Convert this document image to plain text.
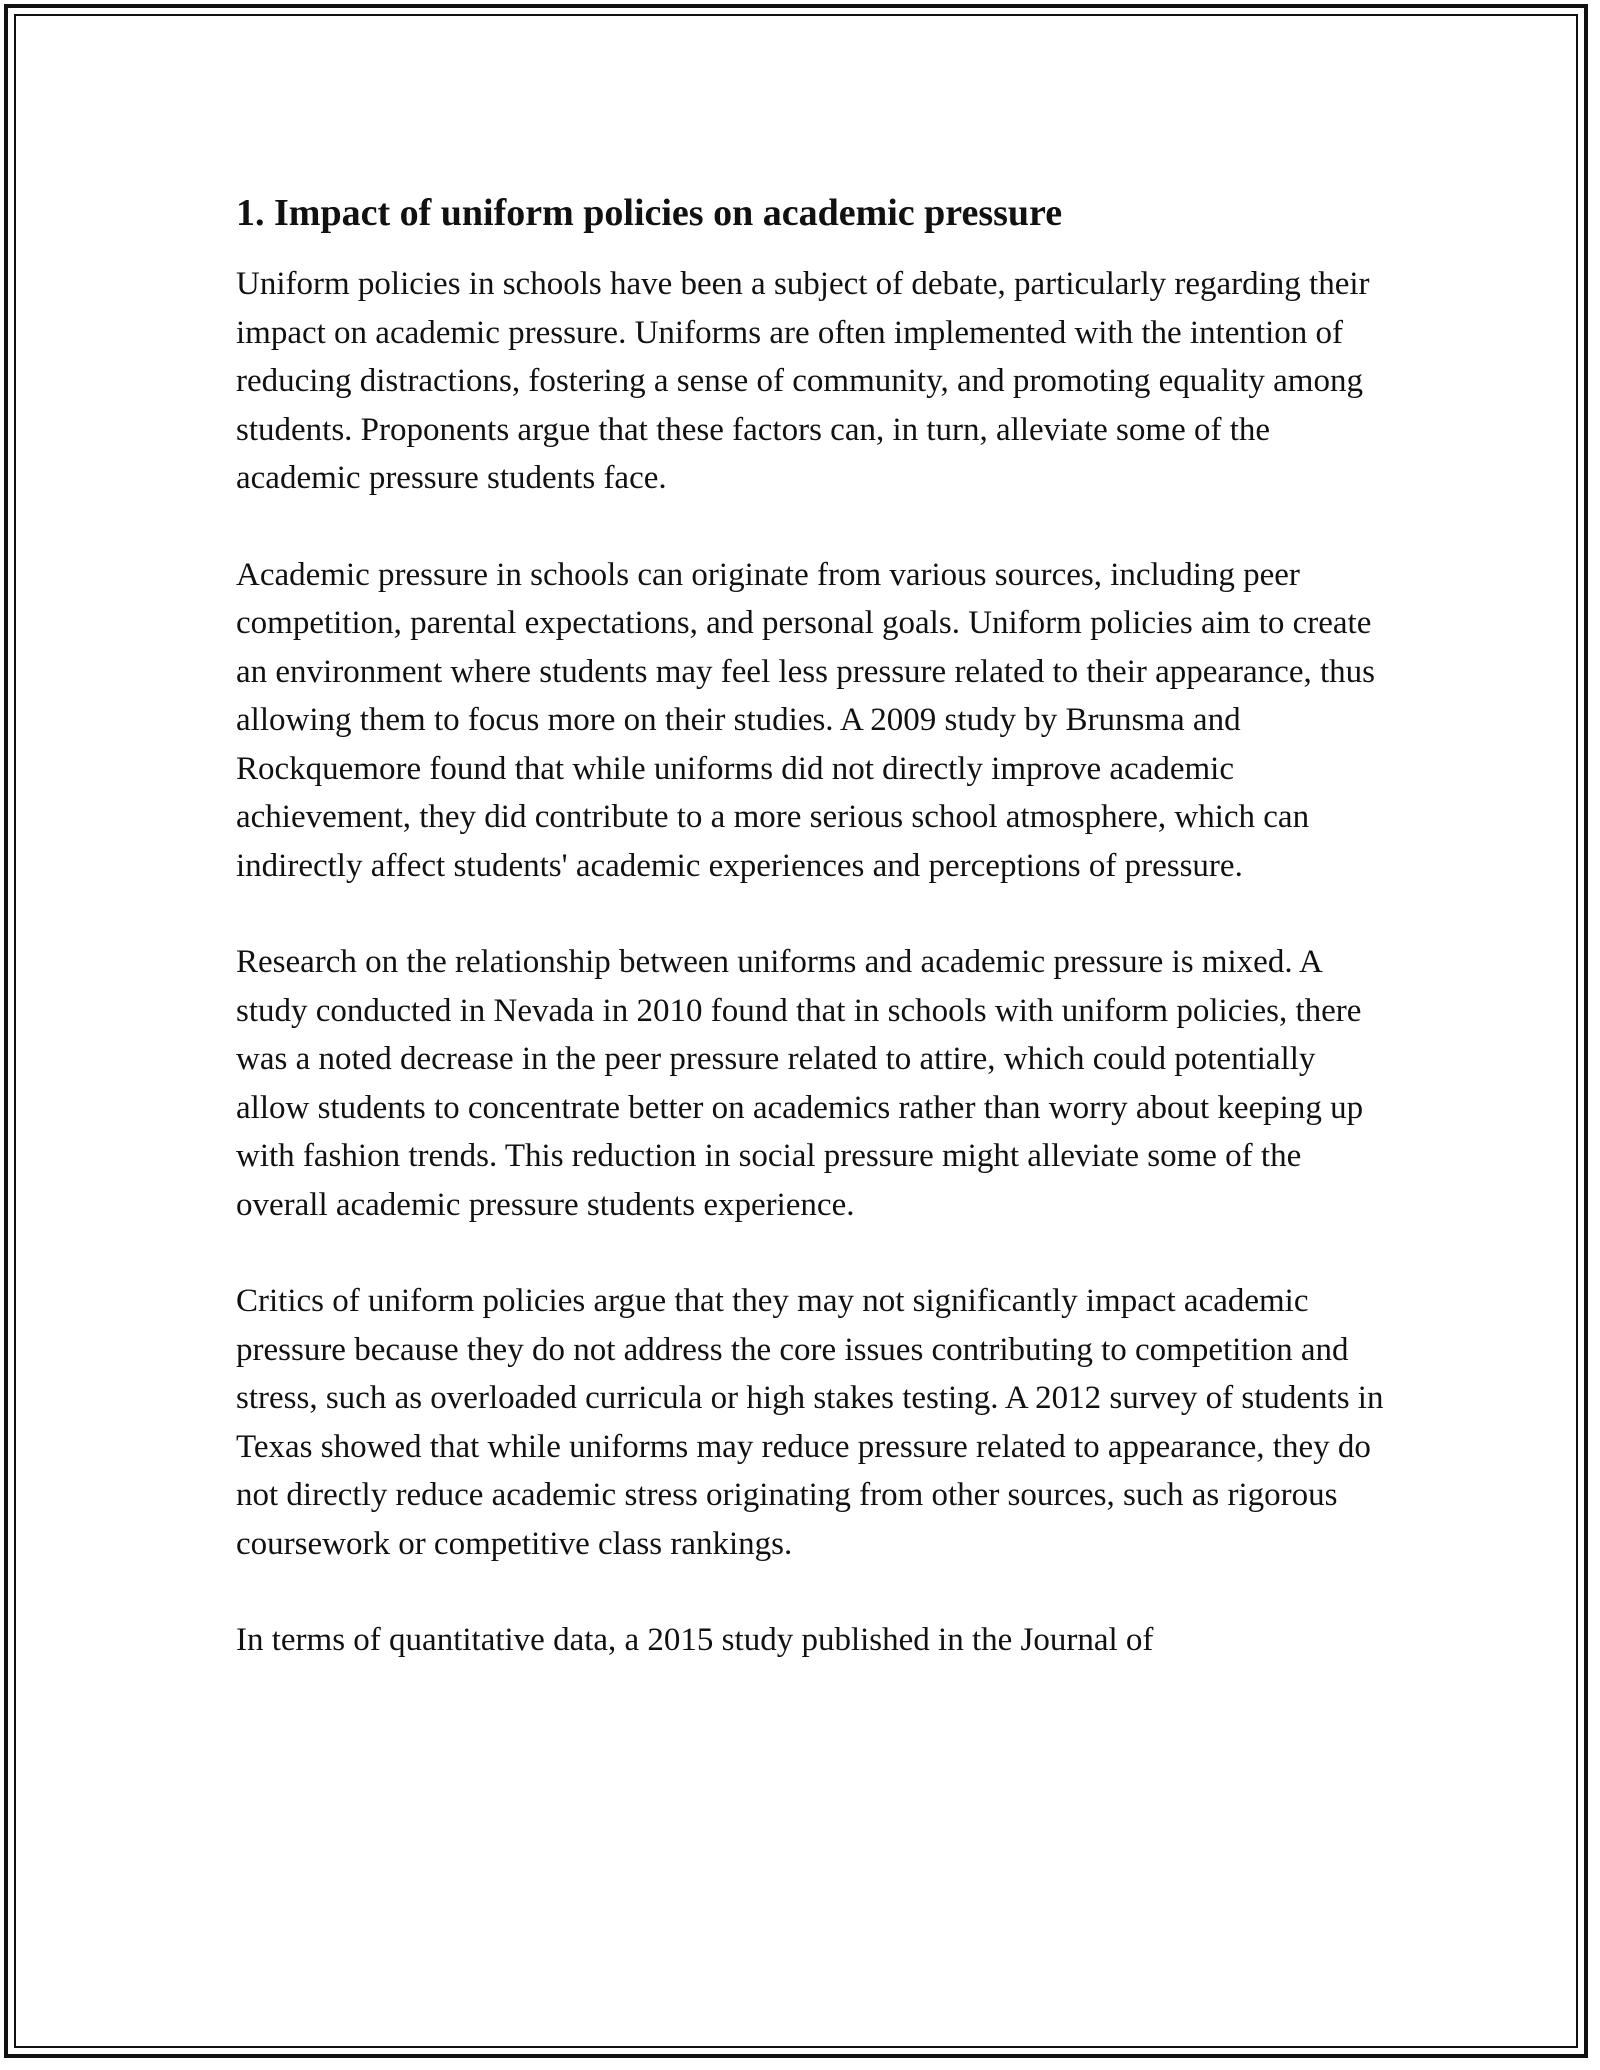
1. Impact of uniform policies on academic pressure

Uniform policies in schools have been a subject of debate, particularly regarding their impact on academic pressure. Uniforms are often implemented with the intention of reducing distractions, fostering a sense of community, and promoting equality among students. Proponents argue that these factors can, in turn, alleviate some of the academic pressure students face.

Academic pressure in schools can originate from various sources, including peer competition, parental expectations, and personal goals. Uniform policies aim to create an environment where students may feel less pressure related to their appearance, thus allowing them to focus more on their studies. A 2009 study by Brunsma and Rockquemore found that while uniforms did not directly improve academic achievement, they did contribute to a more serious school atmosphere, which can indirectly affect students' academic experiences and perceptions of pressure.

Research on the relationship between uniforms and academic pressure is mixed. A study conducted in Nevada in 2010 found that in schools with uniform policies, there was a noted decrease in the peer pressure related to attire, which could potentially allow students to concentrate better on academics rather than worry about keeping up with fashion trends. This reduction in social pressure might alleviate some of the overall academic pressure students experience.

Critics of uniform policies argue that they may not significantly impact academic pressure because they do not address the core issues contributing to competition and stress, such as overloaded curricula or high stakes testing. A 2012 survey of students in Texas showed that while uniforms may reduce pressure related to appearance, they do not directly reduce academic stress originating from other sources, such as rigorous coursework or competitive class rankings.

In terms of quantitative data, a 2015 study published in the Journal of
